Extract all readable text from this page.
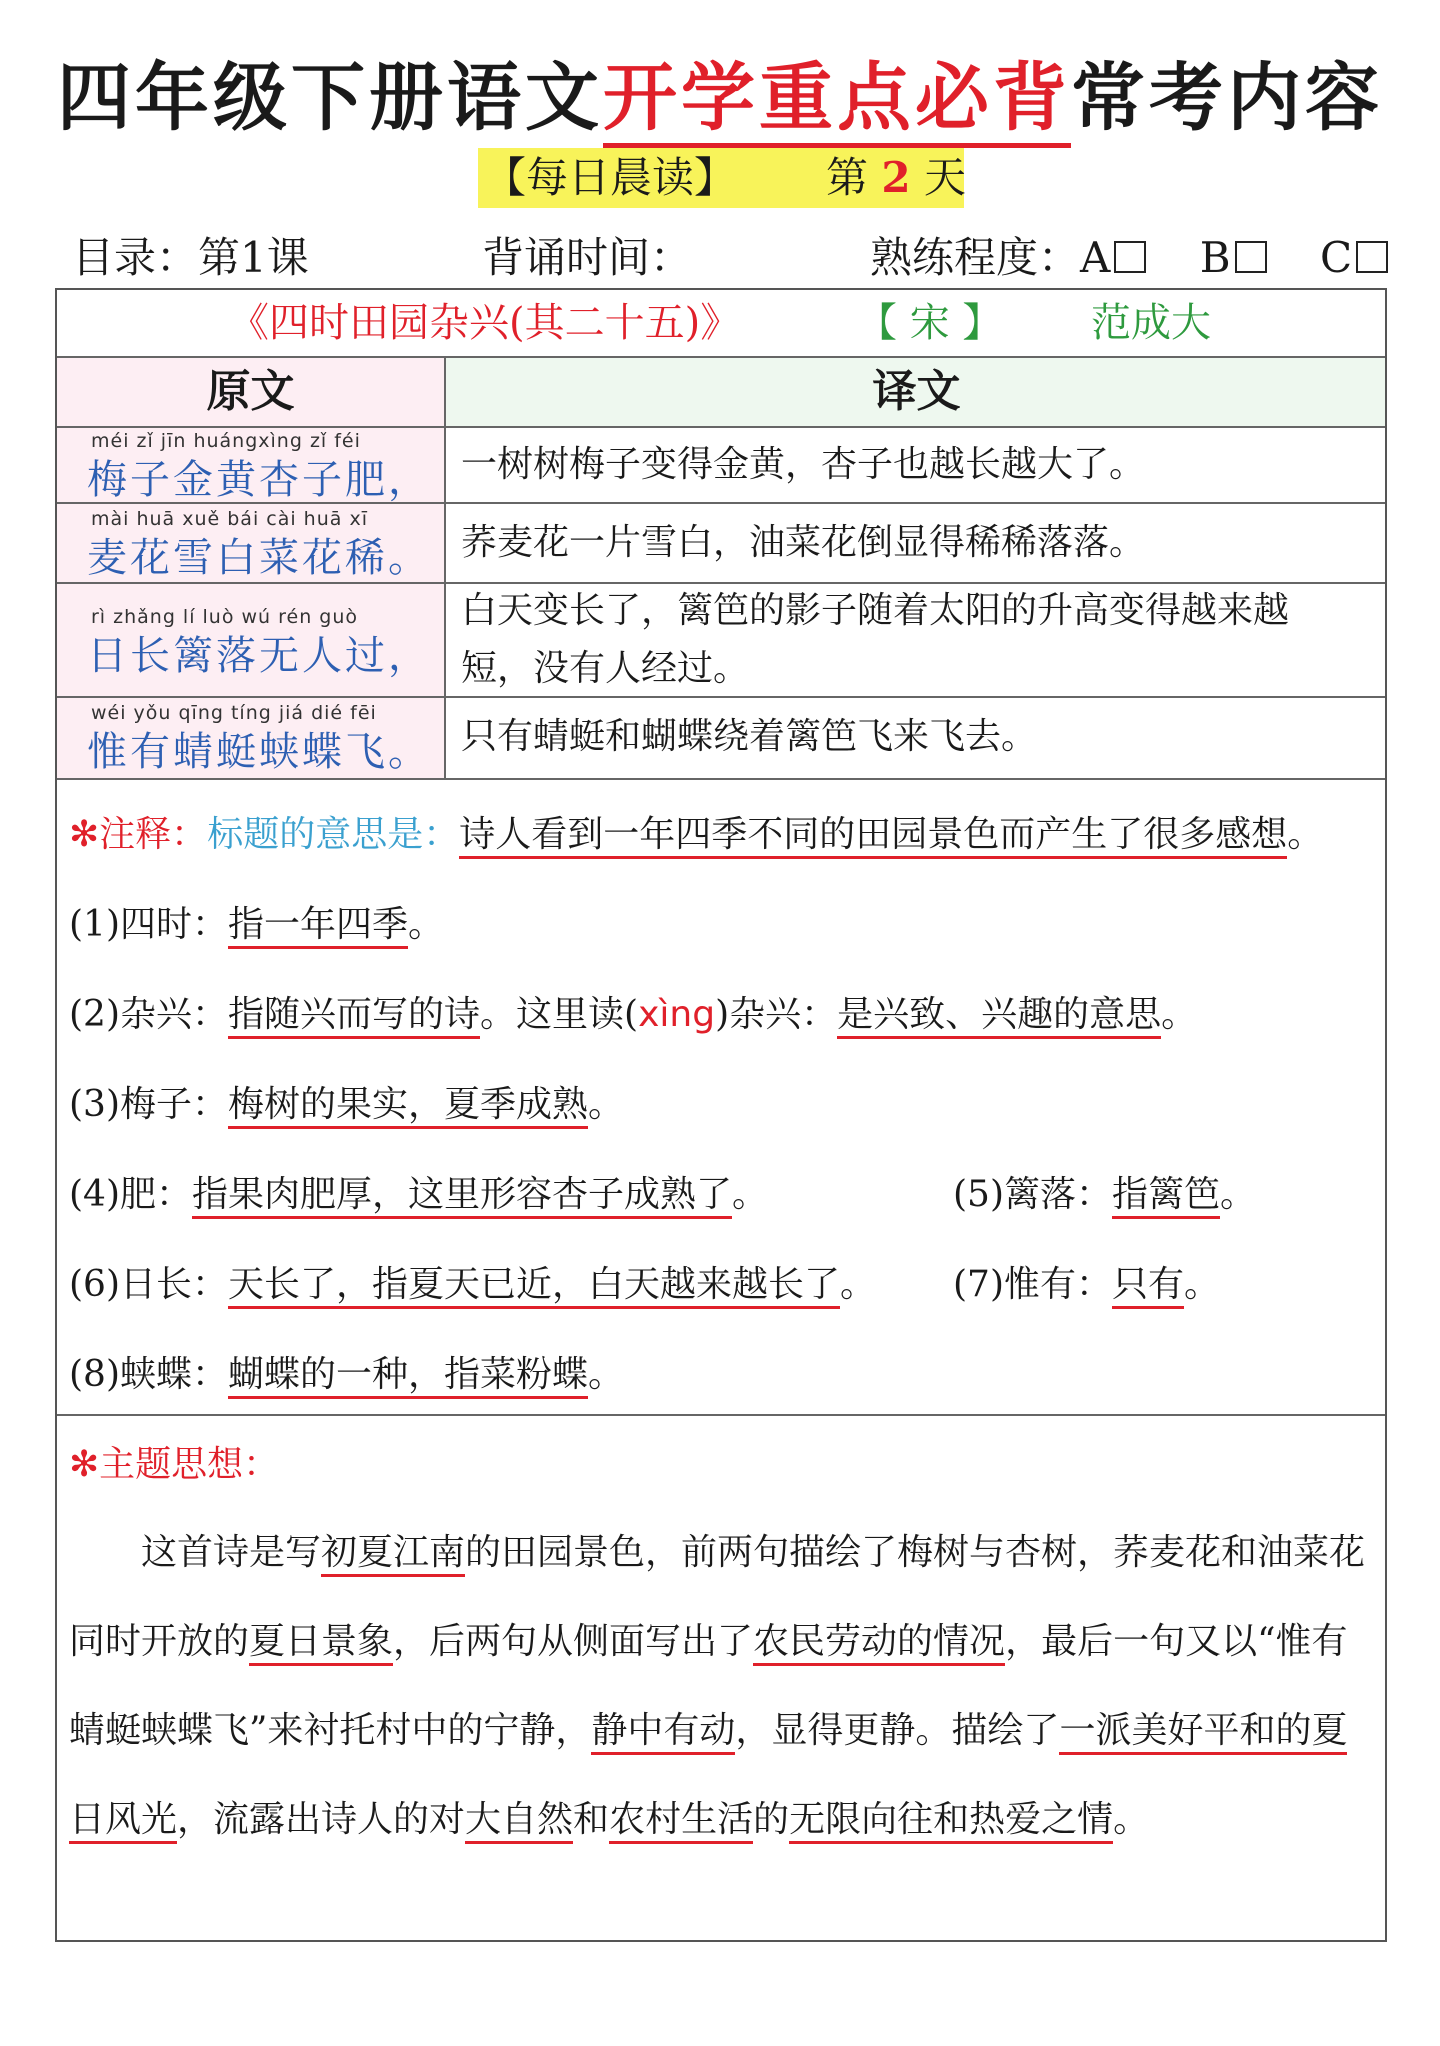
四年级下册语文开学重点必背常考内容
【每日晨读】 第 2 天
目录：第1课	背诵时间：	熟练程度：A B C
《四时田园杂兴(其二十五)》	【 宋 】 范成大
原文	译文
méi zǐ jīn huángxìng zǐ féi
梅子金黄杏子肥， 一树树梅子变得金黄，杏子也越长越大了。
mài huā xuě bái cài huā xī
麦花雪白菜花稀。 荞麦花一片雪白，油菜花倒显得稀稀落落。
rì zhǎng lí luò wú rén guò
日长篱落无人过，
白天变长了，篱笆的影子随着太阳的升高变得越来越
短，没有人经过。
wéi yǒu qīng tíng jiá dié fēi
惟有蜻蜓蛱蝶飞。 只有蜻蜓和蝴蝶绕着篱笆飞来飞去。
✻注释：标题的意思是：诗人看到一年四季不同的田园景色而产生了很多感想。
(1)四时：指一年四季。
(2)杂兴：指随兴而写的诗。这里读(xìng)杂兴：是兴致、兴趣的意思。
(3)梅子：梅树的果实，夏季成熟。
(4)肥：指果肉肥厚，这里形容杏子成熟了。	(5)篱落：指篱笆。
(6)日长：天长了，指夏天已近，白天越来越长了。 (7)惟有：只有。
(8)蛱蝶：蝴蝶的一种，指菜粉蝶。
✻主题思想：
这首诗是写初夏江南的田园景色，前两句描绘了梅树与杏树，荞麦花和油菜花同时开放的夏日景象，后两句从侧面写出了农民劳动的情况，最后一句又以“惟有蜻蜓蛱蝶飞”来衬托村中的宁静，静中有动，显得更静。描绘了一派美好平和的夏日风光，流露出诗人的对大自然和农村生活的无限向往和热爱之情。
